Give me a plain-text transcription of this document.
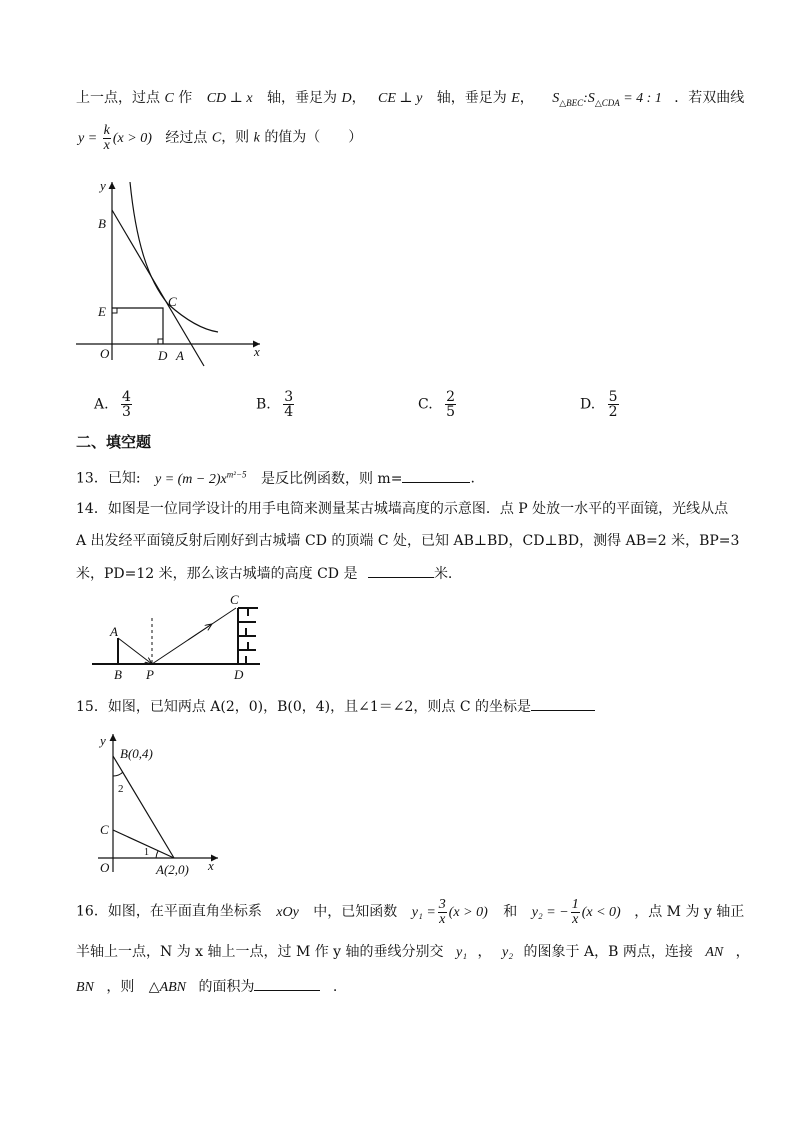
上一点，过点 C 作 CD ⊥ x 轴，垂足为 D， CE ⊥ y 轴，垂足为 E， $S_{\triangle BEC}:S_{\triangle CDA} = 4$ : 1 ．若双曲线
$y = \frac{k}{x} (x > 0)$ 经过点 C，则 k 的值为（　　）
y
B
E
C
O	D A	x
A. $\frac{4}{3}$	B. $\frac{3}{4}$	C. $\frac{2}{5}$	D. $\frac{5}{2}$
二、填空题
13．已知: $y = (m - 2)x^{m^2-5}$ 是反比例函数，则 m=	.
14．如图是一位同学设计的用手电筒来测量某古城墙高度的示意图．点 P 处放一水平的平面镜，光线从点
A 出发经平面镜反射后刚好到古城墙 CD 的顶端 C 处，已知 AB⊥BD，CD⊥BD，测得 AB=2 米，BP=3
米，PD=12 米，那么该古城墙的高度 CD 是	米.
A
B P
C
D
15．如图，已知两点 A(2，0)，B(0，4)，且∠1＝∠2，则点 C 的坐标是
y
B(0,4)
2
C
O
1
A(2,0) x
16．如图，在平面直角坐标系 xOy 中，已知函数 $y_1 = \frac{3}{x} (x > 0)$ 和 y₂ = − $\frac{1}{x} (x < 0)$ ，点 M 为 y 轴正
半轴上一点，N 为 x 轴上一点，过 M 作 y 轴的垂线分别交 y₁ ， y₂ 的图象于 A，B 两点，连接 AN ，
BN ，则 △ABN 的面积为	.
